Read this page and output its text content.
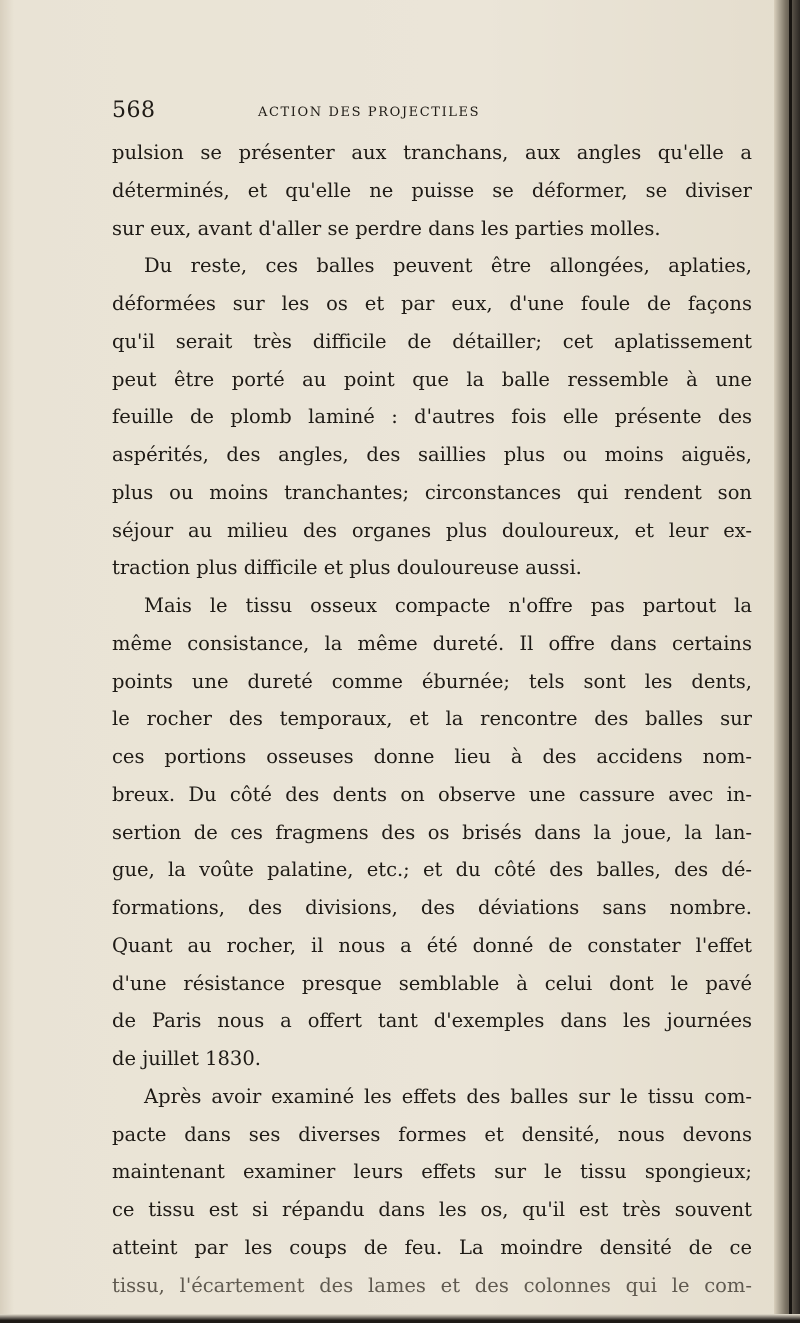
568	ACTION DES PROJECTILES
pulsion se présenter aux tranchans, aux angles qu'elle a
déterminés, et qu'elle ne puisse se déformer, se diviser
sur eux, avant d'aller se perdre dans les parties molles.
Du reste, ces balles peuvent être allongées, aplaties,
déformées sur les os et par eux, d'une foule de façons
qu'il serait très difficile de détailler; cet aplatissement
peut être porté au point que la balle ressemble à une
feuille de plomb laminé : d'autres fois elle présente des
aspérités, des angles, des saillies plus ou moins aiguës,
plus ou moins tranchantes; circonstances qui rendent son
séjour au milieu des organes plus douloureux, et leur ex-
traction plus difficile et plus douloureuse aussi.
Mais le tissu osseux compacte n'offre pas partout la
même consistance, la même dureté. Il offre dans certains
points une dureté comme éburnée; tels sont les dents,
le rocher des temporaux, et la rencontre des balles sur
ces portions osseuses donne lieu à des accidens nom-
breux. Du côté des dents on observe une cassure avec in-
sertion de ces fragmens des os brisés dans la joue, la lan-
gue, la voûte palatine, etc.; et du côté des balles, des dé-
formations, des divisions, des déviations sans nombre.
Quant au rocher, il nous a été donné de constater l'effet
d'une résistance presque semblable à celui dont le pavé
de Paris nous a offert tant d'exemples dans les journées
de juillet 1830.
Après avoir examiné les effets des balles sur le tissu com-
pacte dans ses diverses formes et densité, nous devons
maintenant examiner leurs effets sur le tissu spongieux;
ce tissu est si répandu dans les os, qu'il est très souvent
atteint par les coups de feu. La moindre densité de ce
tissu, l'écartement des lames et des colonnes qui le com-
